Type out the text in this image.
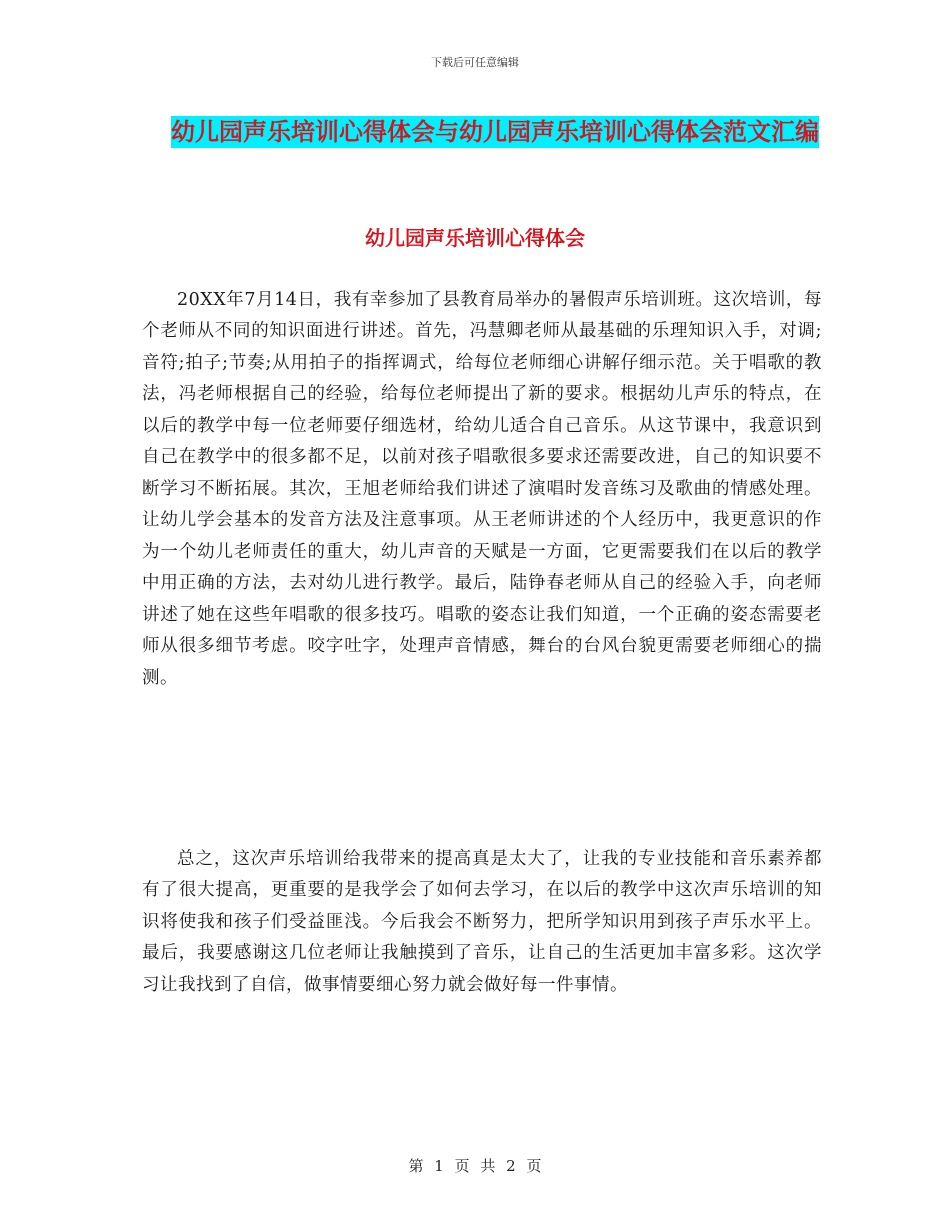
下载后可任意编辑
幼儿园声乐培训心得体会与幼儿园声乐培训心得体会范文汇编
幼儿园声乐培训心得体会

20XX年7月14日，我有幸参加了县教育局举办的暑假声乐培训班。这次培训，每个老师从不同的知识面进行讲述。首先，冯慧卿老师从最基础的乐理知识入手，对调;音符;拍子;节奏;从用拍子的指挥调式，给每位老师细心讲解仔细示范。关于唱歌的教法，冯老师根据自己的经验，给每位老师提出了新的要求。根据幼儿声乐的特点，在以后的教学中每一位老师要仔细选材，给幼儿适合自己音乐。从这节课中，我意识到自己在教学中的很多都不足，以前对孩子唱歌很多要求还需要改进，自己的知识要不断学习不断拓展。其次，王旭老师给我们讲述了演唱时发音练习及歌曲的情感处理。让幼儿学会基本的发音方法及注意事项。从王老师讲述的个人经历中，我更意识的作为一个幼儿老师责任的重大，幼儿声音的天赋是一方面，它更需要我们在以后的教学中用正确的方法，去对幼儿进行教学。最后，陆铮春老师从自己的经验入手，向老师讲述了她在这些年唱歌的很多技巧。唱歌的姿态让我们知道，一个正确的姿态需要老师从很多细节考虑。咬字吐字，处理声音情感，舞台的台风台貌更需要老师细心的揣测。

总之，这次声乐培训给我带来的提高真是太大了，让我的专业技能和音乐素养都有了很大提高，更重要的是我学会了如何去学习，在以后的教学中这次声乐培训的知识将使我和孩子们受益匪浅。今后我会不断努力，把所学知识用到孩子声乐水平上。最后，我要感谢这几位老师让我触摸到了音乐，让自己的生活更加丰富多彩。这次学习让我找到了自信，做事情要细心努力就会做好每一件事情。

第 1 页 共 2 页
